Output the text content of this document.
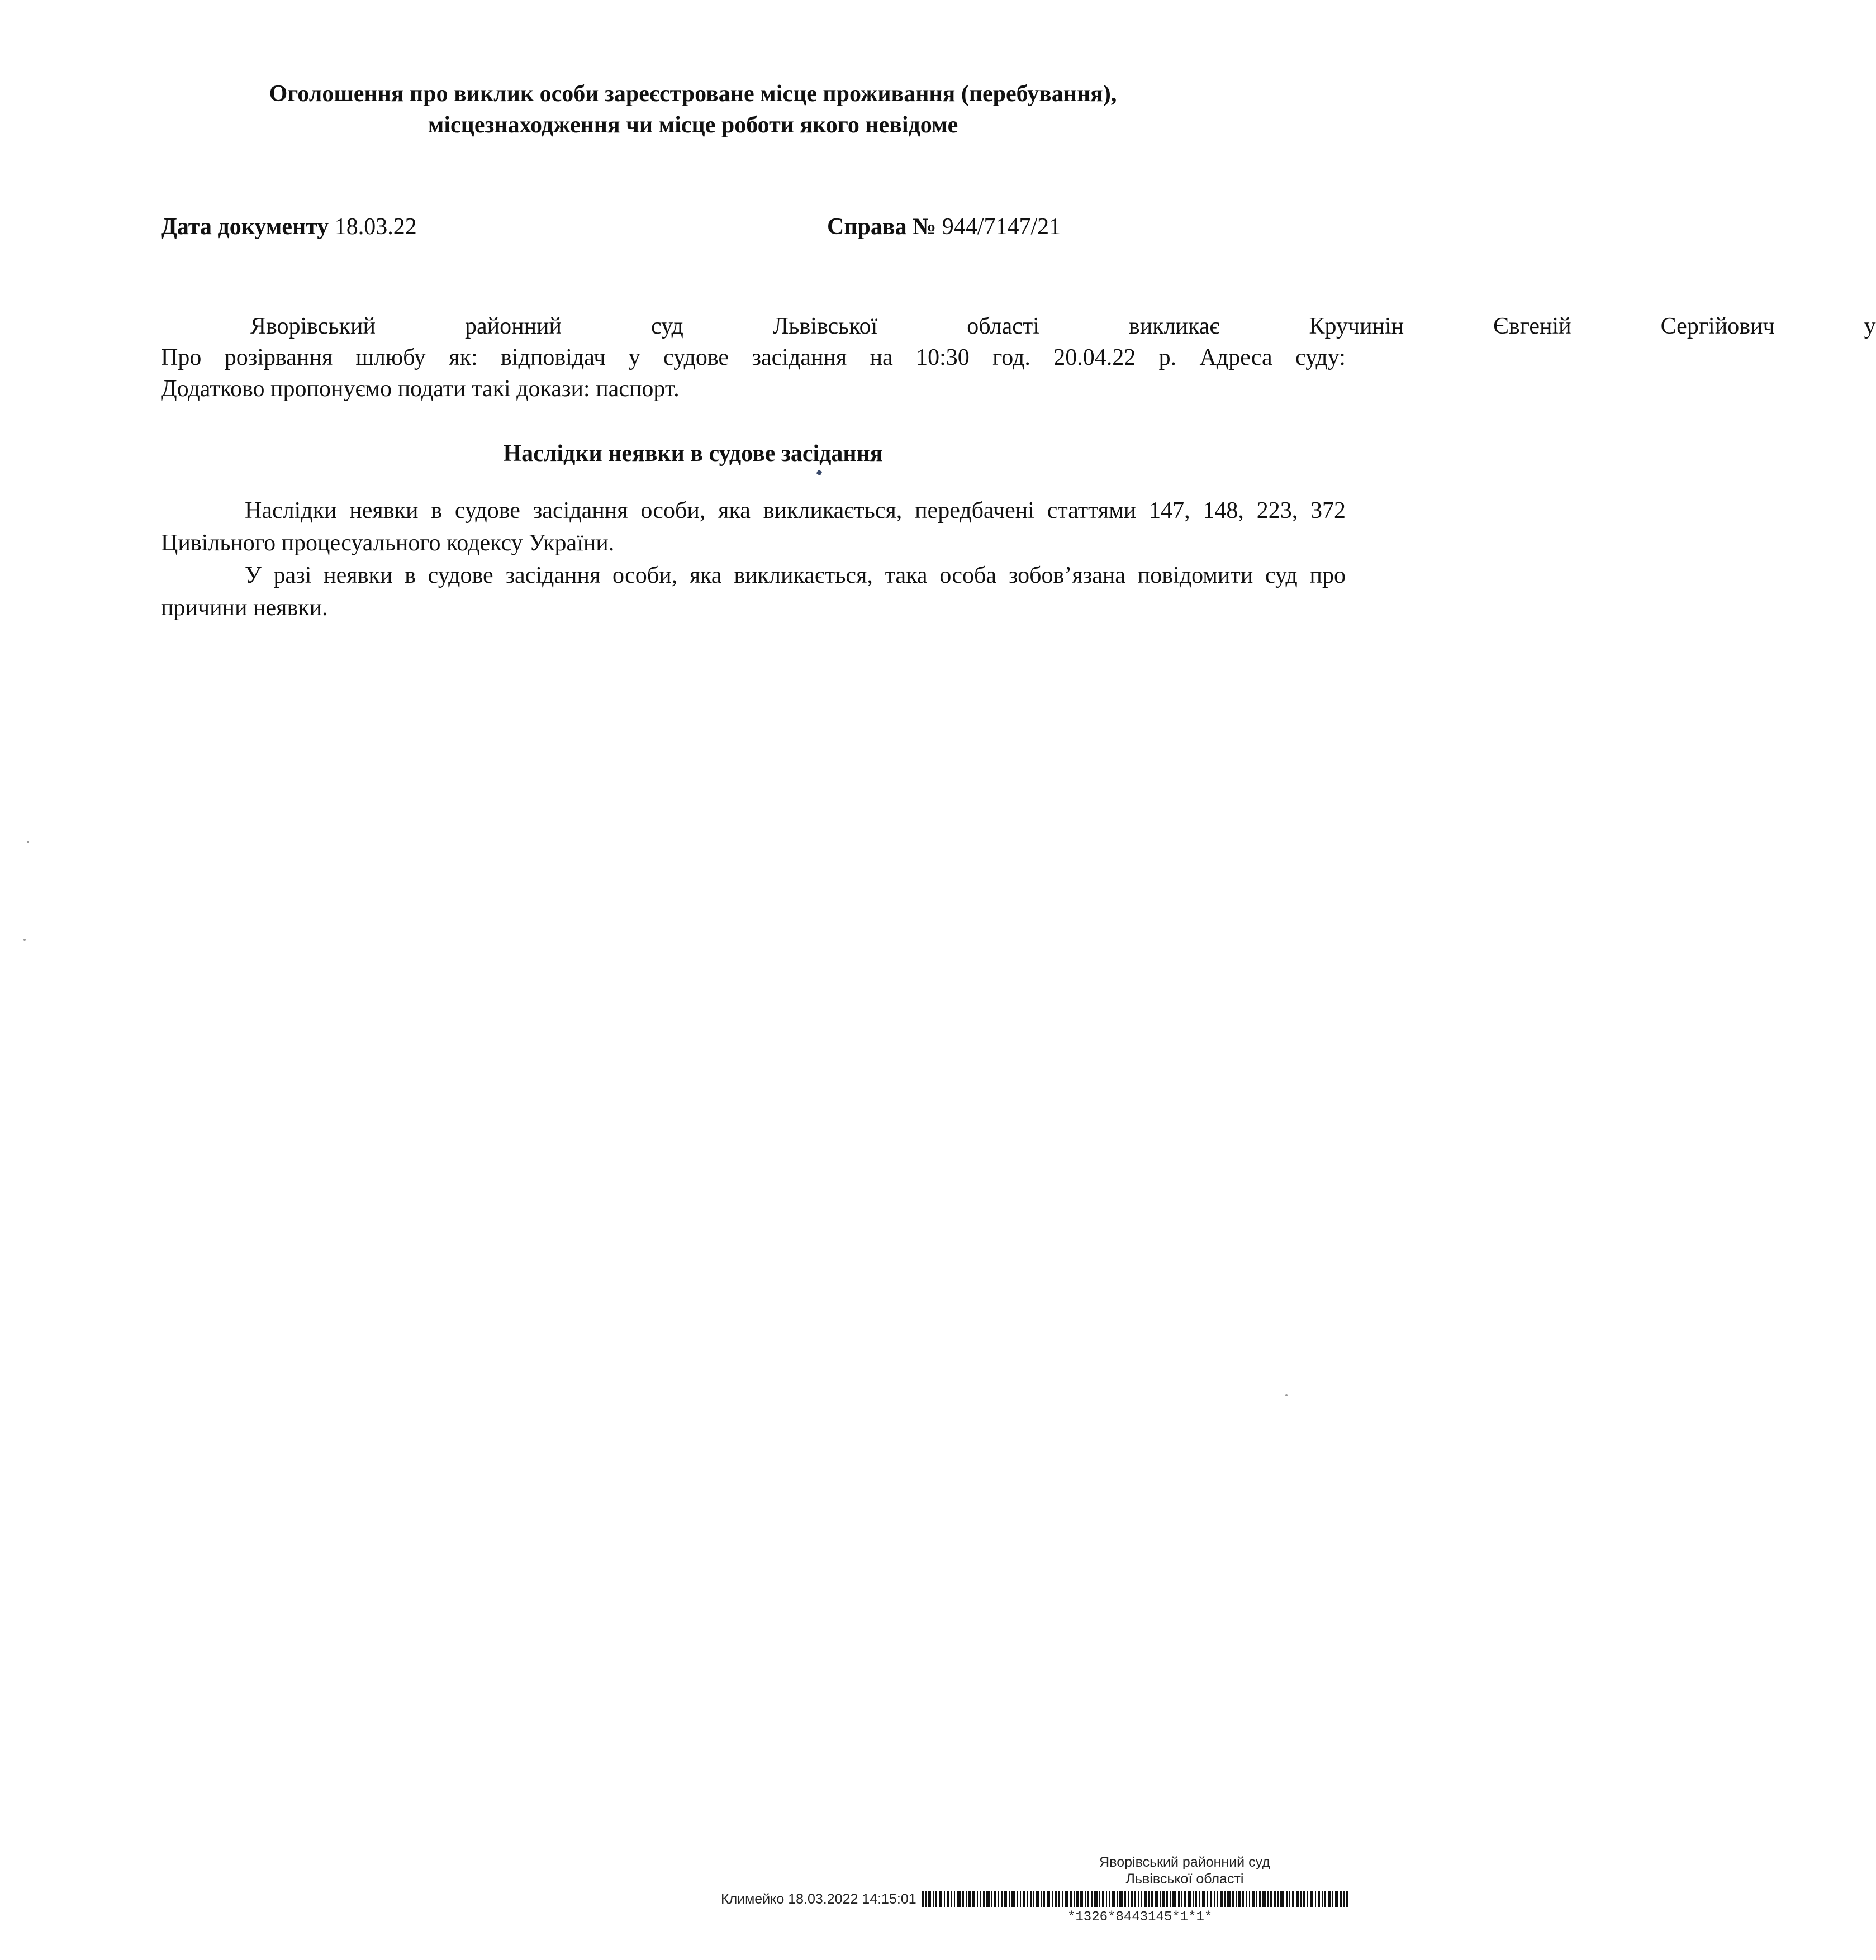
Оголошення про виклик особи зареєстроване місце проживання (перебування),
місцезнаходження чи місце роботи якого невідоме
Дата документу 18.03.22	Справа № 944/7147/21
Яворівський	районний	суд	Львівської	області	викликає	Кручинін	Євгеній	Сергійович	у
Про розірвання шлюбу як: відповідач у судове засідання на 10:30 год. 20.04.22 р. Адреса суду:
Додатково пропонуємо подати такі докази: паспорт.
Наслідки неявки в судове засідання

Наслідки неявки в судове засідання особи, яка викликається, передбачені статтями 147, 148, 223, 372 Цивільного процесуального кодексу України.

У разі неявки в судове засідання особи, яка викликається, така особа зобов’язана повідомити суд про причини неявки.

Яворівський районний суд
Львівської області
Климейко 18.03.2022 14:15:01
*1326*8443145*1*1*
